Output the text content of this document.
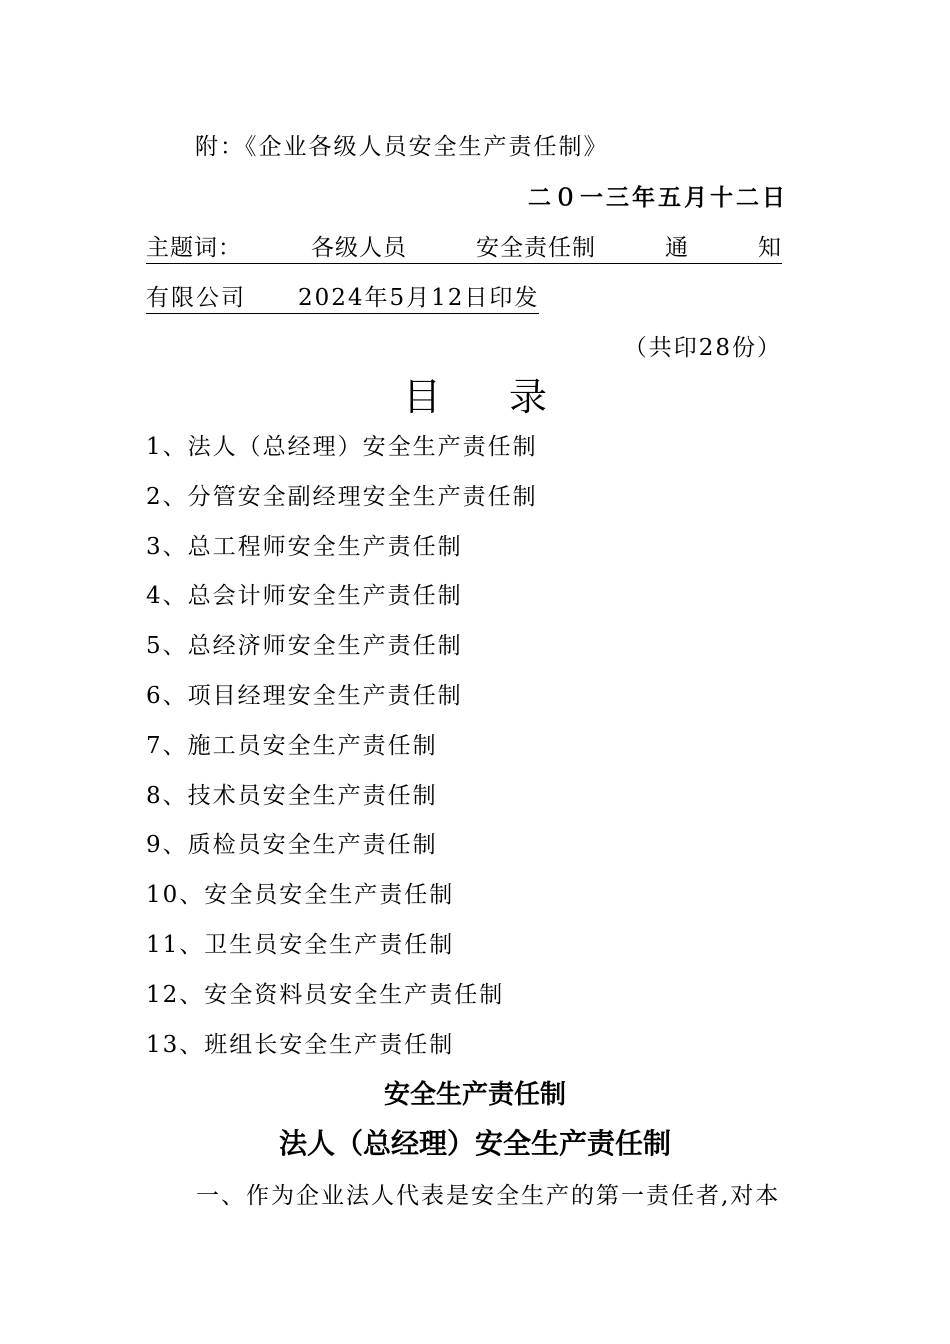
附：《企业各级人员安全生产责任制》
二０一三年五月十二日
主题词：	各级人员	安全责任制	通	知
有限公司 2024年5月12日印发
（共印28份）
目 录
1、法人（总经理）安全生产责任制
2、分管安全副经理安全生产责任制
3、总工程师安全生产责任制
4、总会计师安全生产责任制
5、总经济师安全生产责任制
6、项目经理安全生产责任制
7、施工员安全生产责任制
8、技术员安全生产责任制
9、质检员安全生产责任制
10、安全员安全生产责任制
11、卫生员安全生产责任制
12、安全资料员安全生产责任制
13、班组长安全生产责任制
安全生产责任制
法人（总经理）安全生产责任制
一、作为企业法人代表是安全生产的第一责任者,对本
